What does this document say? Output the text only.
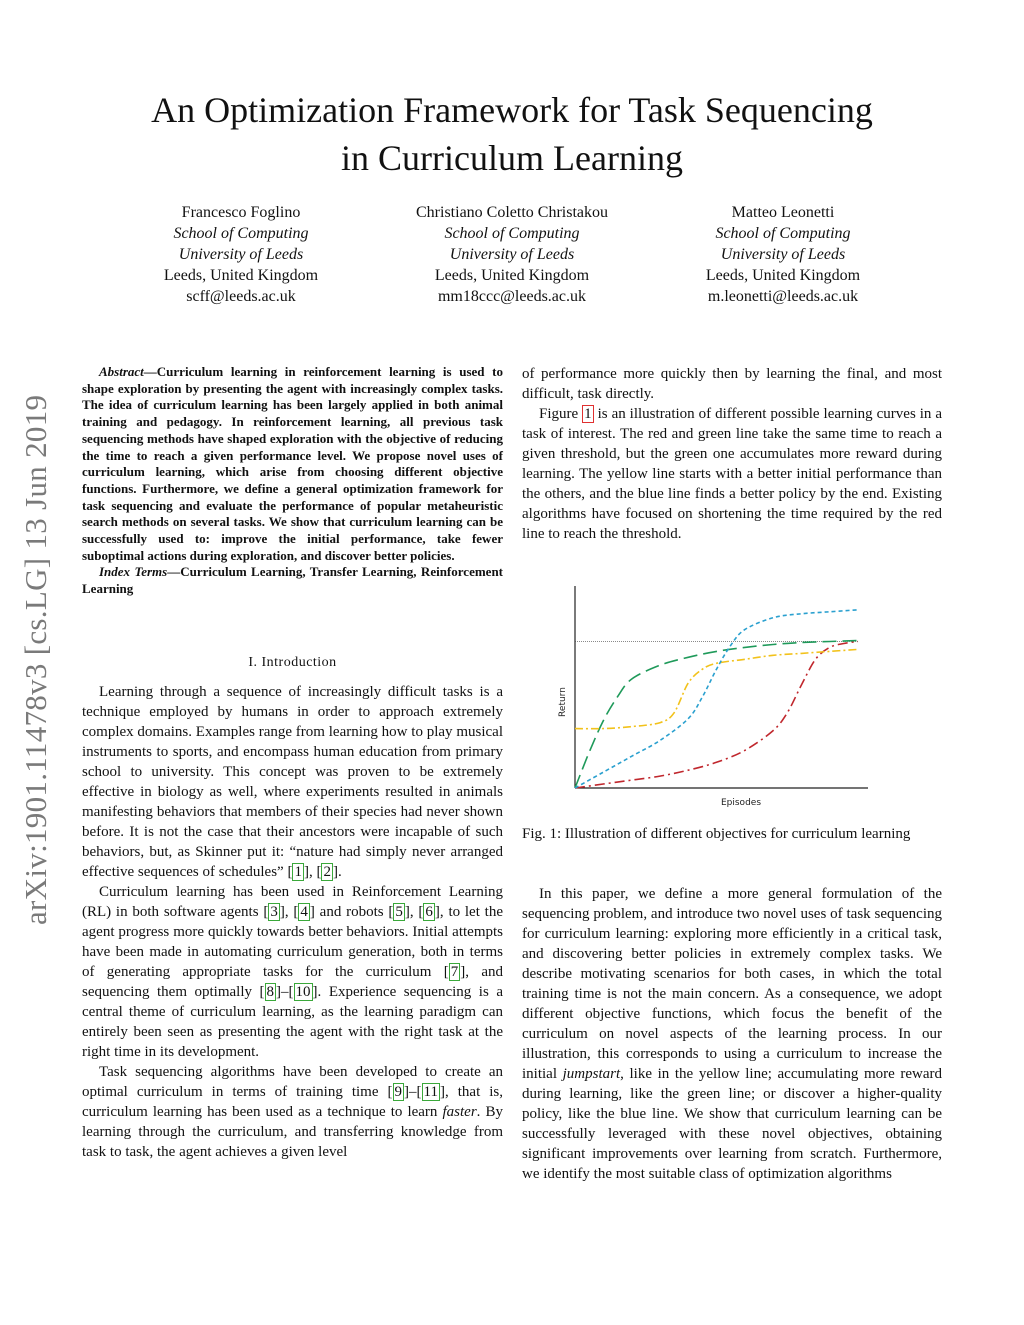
An Optimization Framework for Task Sequencing
in Curriculum Learning
Francesco Foglino
School of Computing
University of Leeds
Leeds, United Kingdom
scff@leeds.ac.uk
Christiano Coletto Christakou
School of Computing
University of Leeds
Leeds, United Kingdom
mm18ccc@leeds.ac.uk
Matteo Leonetti
School of Computing
University of Leeds
Leeds, United Kingdom
m.leonetti@leeds.ac.uk
arXiv:1901.11478v3 [cs.LG] 13 Jun 2019

Abstract—Curriculum learning in reinforcement learning is used to shape exploration by presenting the agent with increasingly complex tasks. The idea of curriculum learning has been largely applied in both animal training and pedagogy. In reinforcement learning, all previous task sequencing methods have shaped exploration with the objective of reducing the time to reach a given performance level. We propose novel uses of curriculum learning, which arise from choosing different objective functions. Furthermore, we define a general optimization framework for task sequencing and evaluate the performance of popular metaheuristic search methods on several tasks. We show that curriculum learning can be successfully used to: improve the initial performance, take fewer suboptimal actions during exploration, and discover better policies.

Index Terms—Curriculum Learning, Transfer Learning, Reinforcement Learning

I. Introduction

Learning through a sequence of increasingly difficult tasks is a technique employed by humans in order to approach extremely complex domains. Examples range from learning how to play musical instruments to sports, and encompass human education from primary school to university. This concept was proven to be extremely effective in biology as well, where experiments resulted in animals manifesting behaviors that members of their species had never shown before. It is not the case that their ancestors were incapable of such behaviors, but, as Skinner put it: “nature had simply never arranged effective sequences of schedules” [ 1 ], [ 2 ].

Curriculum learning has been used in Reinforcement Learning (RL) in both software agents [ 3 ], [ 4 ] and robots [ 5 ], [ 6 ], to let the agent progress more quickly towards better behaviors. Initial attempts have been made in automating curriculum generation, both in terms of generating appropriate tasks for the curriculum [ 7 ], and sequencing them optimally [ 8 ]–[ 10 ]. Experience sequencing is a central theme of curriculum learning, as the learning paradigm can entirely been seen as presenting the agent with the right task at the right time in its development.

Task sequencing algorithms have been developed to create an optimal curriculum in terms of training time [ 9 ]–[ 11 ], that is, curriculum learning has been used as a technique to learn faster. By learning through the curriculum, and transferring knowledge from task to task, the agent achieves a given level

of performance more quickly then by learning the final, and most difficult, task directly.

Figure 1 is an illustration of different possible learning curves in a task of interest. The red and green line take the same time to reach a given threshold, but the green one accumulates more reward during learning. The yellow line starts with a better initial performance than the others, and the blue line finds a better policy by the end. Existing algorithms have focused on shortening the time required by the red line to reach the threshold.

Return
Episodes
Fig. 1: Illustration of different objectives for curriculum learning

In this paper, we define a more general formulation of the sequencing problem, and introduce two novel uses of task sequencing for curriculum learning: exploring more efficiently in a critical task, and discovering better policies in extremely complex tasks. We describe motivating scenarios for both cases, in which the total training time is not the main concern. As a consequence, we adopt different objective functions, which focus the benefit of the curriculum on novel aspects of the learning process. In our illustration, this corresponds to using a curriculum to increase the initial jumpstart, like in the yellow line; accumulating more reward during learning, like the green line; or discover a higher-quality policy, like the blue line. We show that curriculum learning can be successfully leveraged with these novel objectives, obtaining significant improvements over learning from scratch. Furthermore, we identify the most suitable class of optimization algorithms
